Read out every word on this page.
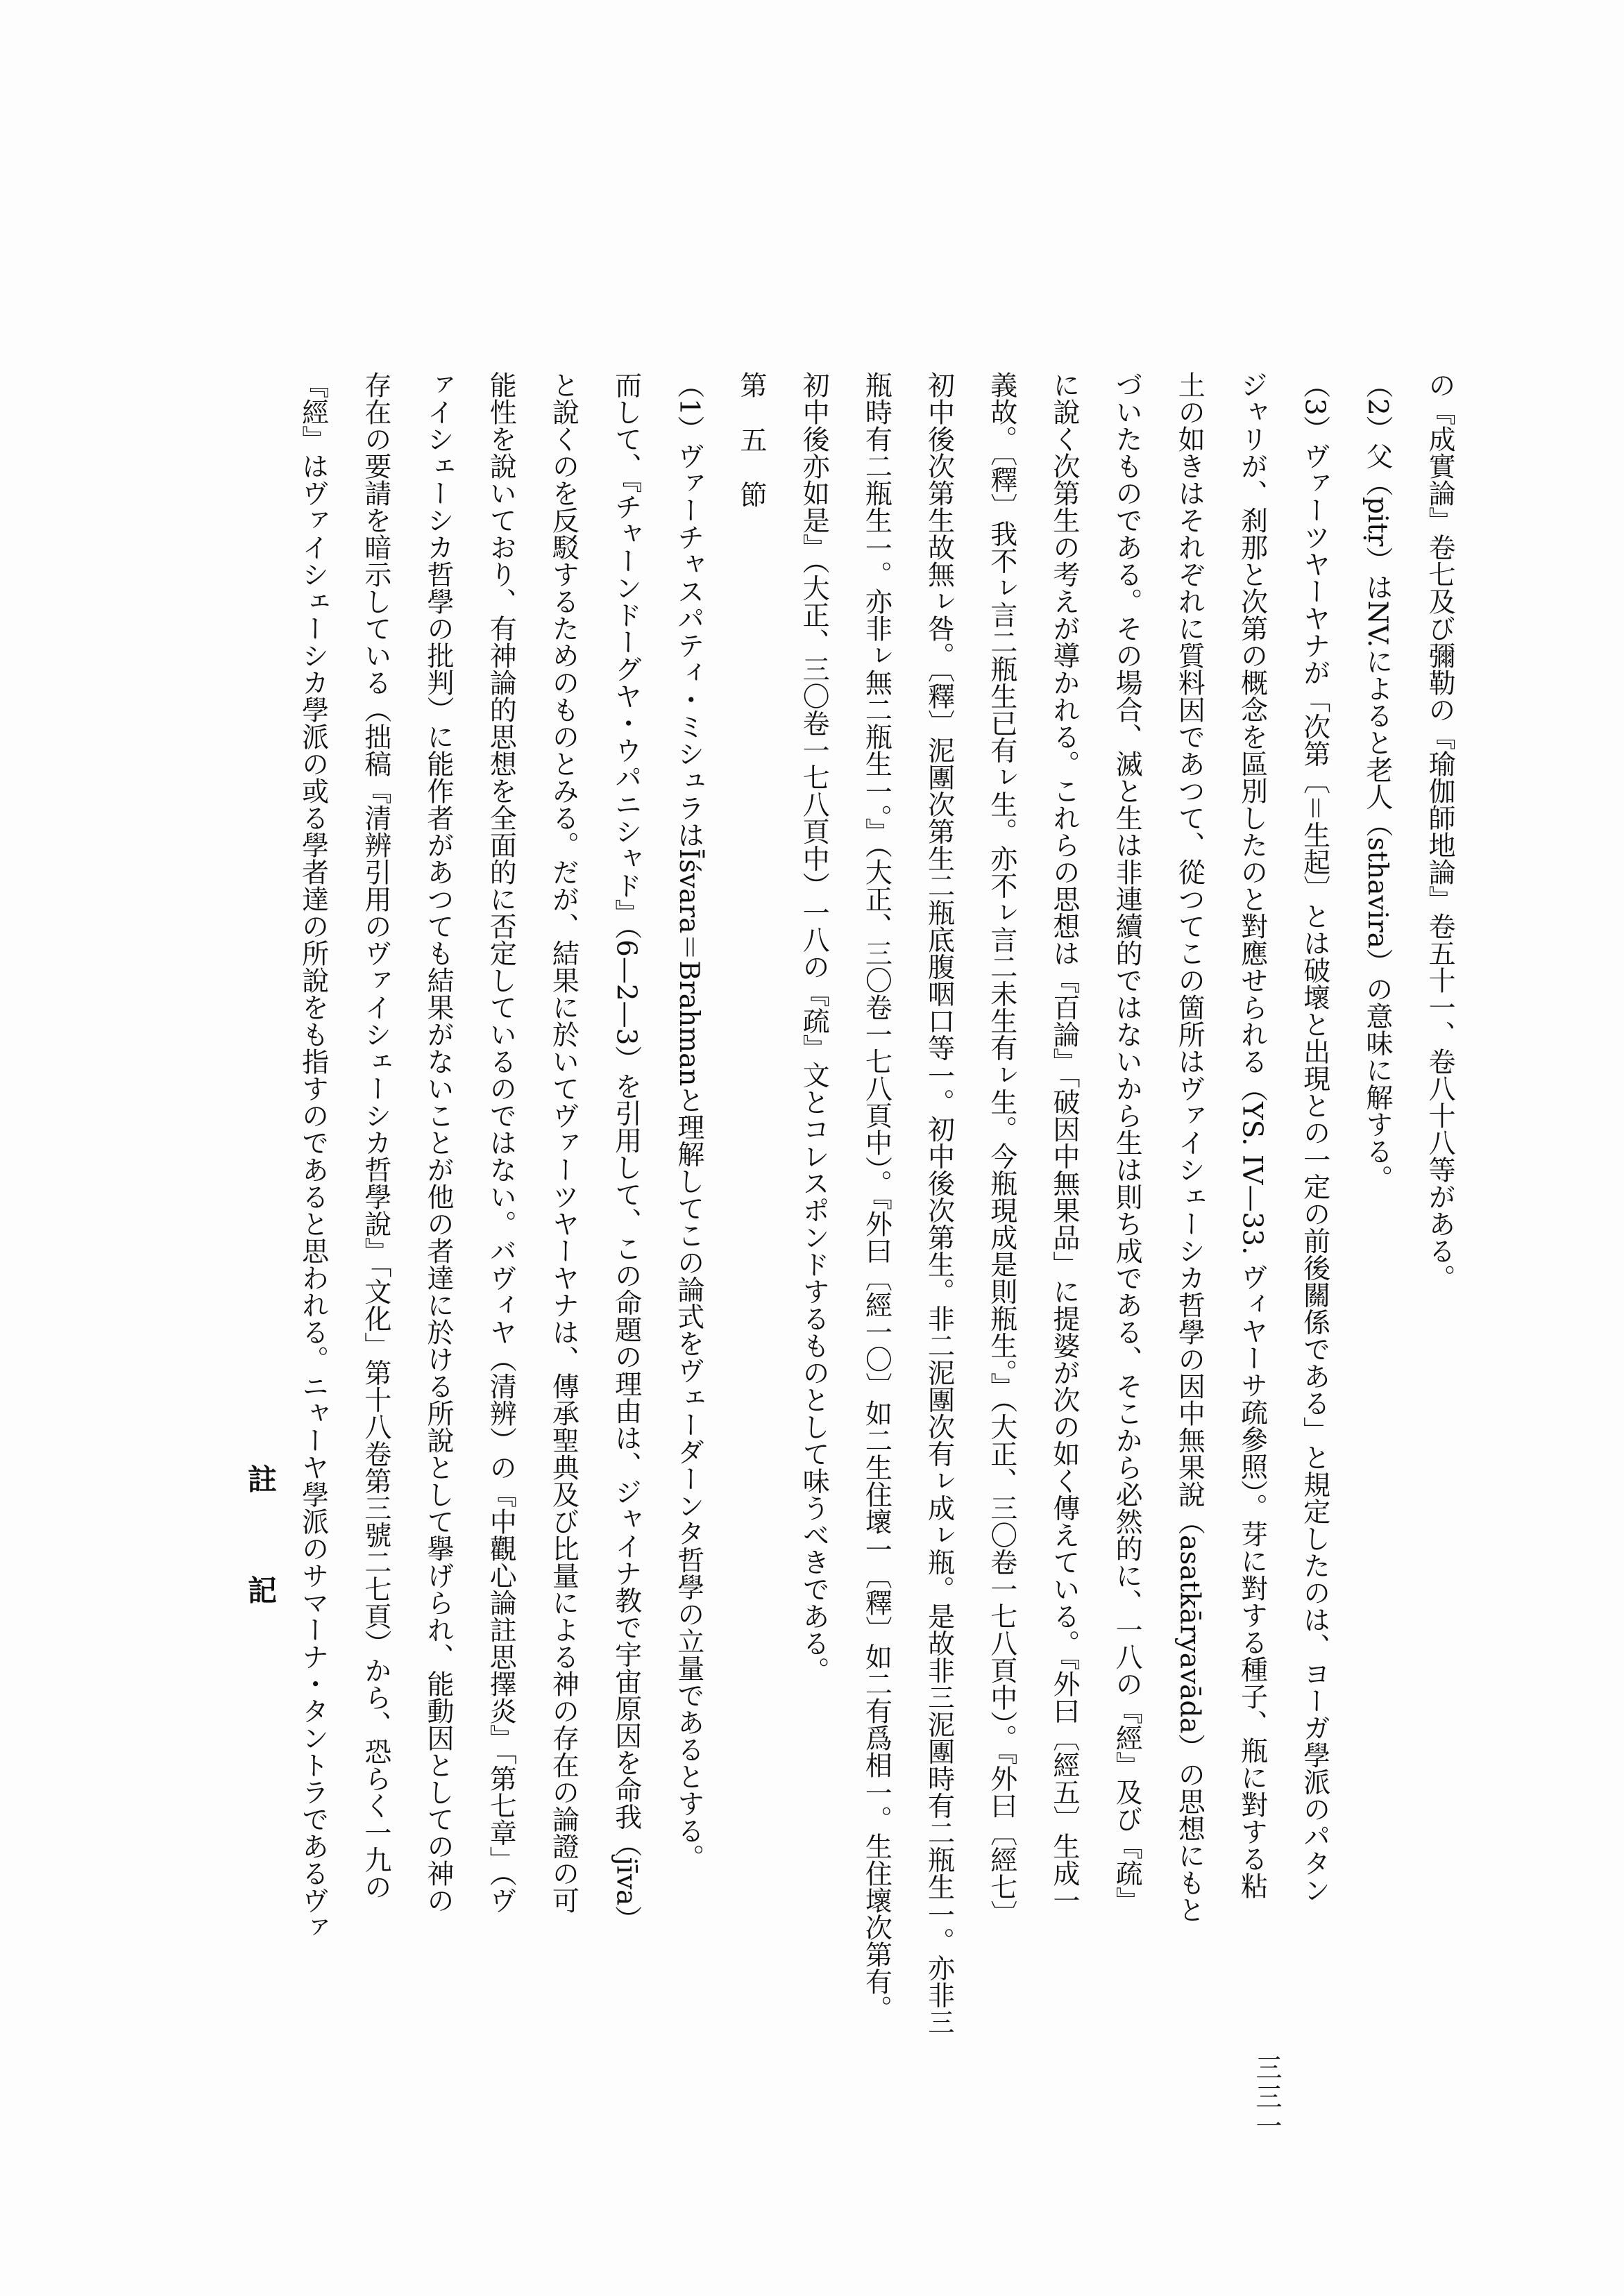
の『成實論』卷七及び彌勒の『瑜伽師地論』卷五十一、卷八十八等がある。
（2）父（pitṛ）はNV.によると老人（sthavira）の意味に解する。
（3）ヴァーツヤーヤナが「次第〔＝生起〕とは破壞と出現との一定の前後關係である」と規定したのは、ヨーガ學派のパタン
ジャリが、刹那と次第の概念を區別したのと對應せられる（YS. IV—33. ヴィヤーサ疏參照）。芽に對する種子、瓶に對する粘
土の如きはそれぞれに質料因であつて、從つてこの箇所はヴァイシェーシカ哲學の因中無果說（asatkāryavāda）の思想にもと
づいたものである。その場合、滅と生は非連續的ではないから生は則ち成である、そこから必然的に、一八の『經』及び『疏』
に說く次第生の考えが導かれる。これらの思想は『百論』「破因中無果品」に提婆が次の如く傳えている。『外曰〔經五〕生成一
義故。〔釋〕我不ㇾ言㆓瓶生已有ㇾ生。亦不ㇾ言㆓未生有ㇾ生。今瓶現成是則瓶生。』（大正、三〇卷一七八頁中）。『外曰〔經七〕
初中後次第生故無ㇾ咎。〔釋〕泥團次第生㆓瓶底腹咽口等㆒。初中後次第生。非㆓泥團次有ㇾ成ㇾ瓶。是故非㆔泥團時有㆓瓶生㆒。亦非㆔
瓶時有㆓瓶生㆒。亦非ㇾ無㆓瓶生㆒。』（大正、三〇卷一七八頁中）。『外曰〔經一〇〕如㆓生住壞㆒〔釋〕如㆓有爲相㆒。生住壞次第有。
初中後亦如是』（大正、三〇卷一七八頁中）一八の『疏』文とコレスポンドするものとして味うべきである。
第五節
（1）ヴァーチャスパティ・ミシュラはĪśvara＝Brahmanと理解してこの論式をヴェーダーンタ哲學の立量であるとする。
而して、『チャーンドーグヤ・ウパニシャド』（6—2—3）を引用して、この命題の理由は、ジャイナ教で宇宙原因を命我（jīva）
と說くのを反駁するためのものとみる。だが、結果に於いてヴァーツヤーヤナは、傳承聖典及び比量による神の存在の論證の可
能性を說いており、有神論的思想を全面的に否定しているのではない。バヴィヤ（清辨）の『中觀心論註思擇炎』「第七章」（ヴ
ァイシェーシカ哲學の批判）に能作者があつても結果がないことが他の者達に於ける所說として擧げられ、能動因としての神の
存在の要請を暗示している（拙稿『清辨引用のヴァイシェーシカ哲學說』「文化」第十八卷第三號二七頁）から、恐らく一九の
『經』はヴァイシェーシカ學派の或る學者達の所說をも指すのであると思われる。ニャーヤ學派のサマーナ・タントラであるヴァ
註記
三三一
